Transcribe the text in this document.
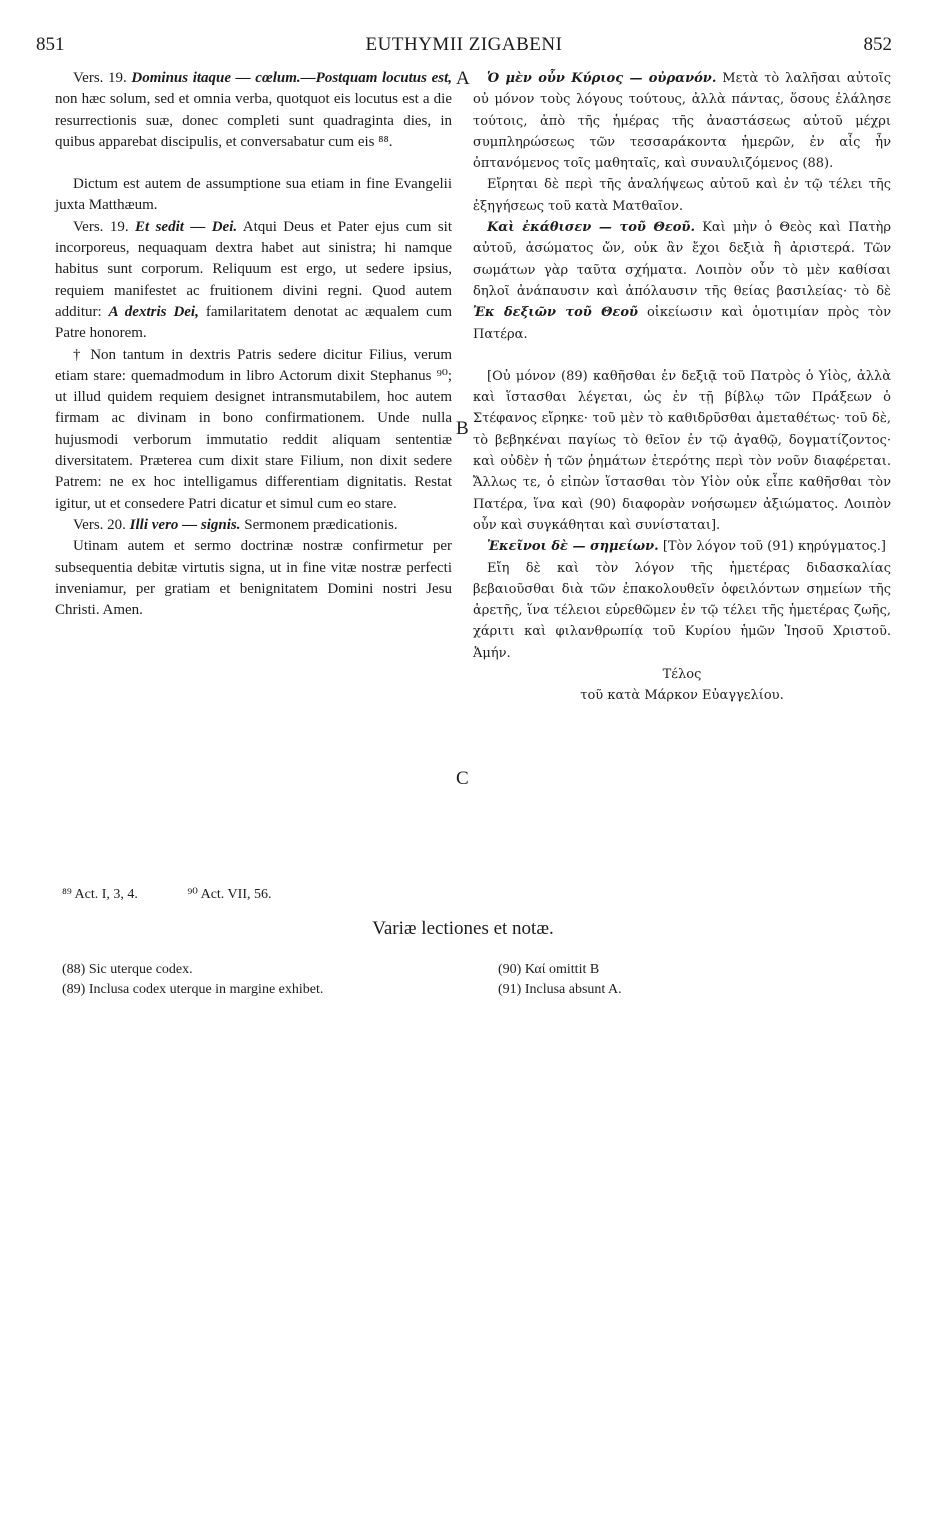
851	EUTHYMII ZIGABENI	852
A
B
C

Vers. 19. Dominus itaque — cœlum.—Postquam locutus est, non hæc solum, sed et omnia verba, quotquot eis locutus est a die resurrectionis suæ, donec completi sunt quadraginta dies, in quibus apparebat discipulis, et conversabatur cum eis ⁸⁸.

Dictum est autem de assumptione sua etiam in fine Evangelii juxta Matthæum.

Vers. 19. Et sedit — Dei. Atqui Deus et Pater ejus cum sit incorporeus, nequaquam dextra habet aut sinistra; hi namque habitus sunt corporum. Reliquum est ergo, ut sedere ipsius, requiem manifestet ac fruitionem divini regni. Quod autem additur: A dextris Dei, familaritatem denotat ac æqualem cum Patre honorem.

† Non tantum in dextris Patris sedere dicitur Filius, verum etiam stare: quemadmodum in libro Actorum dixit Stephanus ⁹⁰; ut illud quidem requiem designet intransmutabilem, hoc autem firmam ac divinam in bono confirmationem. Unde nulla hujusmodi verborum immutatio reddit aliquam sententiæ diversitatem. Præterea cum dixit stare Filium, non dixit sedere Patrem: ne ex hoc intelligamus differentiam dignitatis. Restat igitur, ut et consedere Patri dicatur et simul cum eo stare.

Vers. 20. Illi vero — signis. Sermonem prædicationis.

Utinam autem et sermo doctrinæ nostræ confirmetur per subsequentia debitæ virtutis signa, ut in fine vitæ nostræ perfecti inveniamur, per gratiam et benignitatem Domini nostri Jesu Christi. Amen.

Ὁ μὲν οὖν Κύριος — οὐρανόν. Μετὰ τὸ λαλῆσαι αὐτοῖς οὐ μόνον τοὺς λόγους τούτους, ἀλλὰ πάντας, ὅσους ἐλάλησε τούτοις, ἀπὸ τῆς ἡμέρας τῆς ἀναστάσεως αὐτοῦ μέχρι συμπληρώσεως τῶν τεσσαράκοντα ἡμερῶν, ἐν αἷς ἦν ὀπτανόμενος τοῖς μαθηταῖς, καὶ συναυλιζόμενος (88).

Εἴρηται δὲ περὶ τῆς ἀναλήψεως αὐτοῦ καὶ ἐν τῷ τέλει τῆς ἐξηγήσεως τοῦ κατὰ Ματθαῖον.

Καὶ ἐκάθισεν — τοῦ Θεοῦ. Καὶ μὴν ὁ Θεὸς καὶ Πατὴρ αὐτοῦ, ἀσώματος ὤν, οὐκ ἂν ἔχοι δεξιὰ ἢ ἀριστερά. Τῶν σωμάτων γὰρ ταῦτα σχήματα. Λοιπὸν οὖν τὸ μὲν καθίσαι δηλοῖ ἀνάπαυσιν καὶ ἀπόλαυσιν τῆς θείας βασιλείας· τὸ δὲ Ἐκ δεξιῶν τοῦ Θεοῦ οἰκείωσιν καὶ ὁμοτιμίαν πρὸς τὸν Πατέρα.

[Οὐ μόνον (89) καθῆσθαι ἐν δεξιᾷ τοῦ Πατρὸς ὁ Υἱὸς, ἀλλὰ καὶ ἵστασθαι λέγεται, ὡς ἐν τῇ βίβλῳ τῶν Πράξεων ὁ Στέφανος εἴρηκε· τοῦ μὲν τὸ καθιδρῦσθαι ἀμεταθέτως· τοῦ δὲ, τὸ βεβηκέναι παγίως τὸ θεῖον ἐν τῷ ἀγαθῷ, δογματίζοντος· καὶ οὐδὲν ἡ τῶν ῥημάτων ἑτερότης περὶ τὸν νοῦν διαφέρεται. Ἄλλως τε, ὁ εἰπὼν ἵστασθαι τὸν Υἱὸν οὐκ εἶπε καθῆσθαι τὸν Πατέρα, ἵνα καὶ (90) διαφορὰν νοήσωμεν ἀξιώματος. Λοιπὸν οὖν καὶ συγκάθηται καὶ συνίσταται].

Ἐκεῖνοι δὲ — σημείων. [Τὸν λόγον τοῦ (91) κηρύγματος.]

Εἴη δὲ καὶ τὸν λόγον τῆς ἡμετέρας διδασκαλίας βεβαιοῦσθαι διὰ τῶν ἐπακολουθεῖν ὀφειλόντων σημείων τῆς ἀρετῆς, ἵνα τέλειοι εὑρεθῶμεν ἐν τῷ τέλει τῆς ἡμετέρας ζωῆς, χάριτι καὶ φιλανθρωπίᾳ τοῦ Κυρίου ἡμῶν Ἰησοῦ Χριστοῦ. Ἀμήν.

Τέλος

τοῦ κατὰ Μάρκον Εὐαγγελίου.

⁸⁹ Act. I, 3, 4.	⁹⁰ Act. VII, 56.
Variæ lectiones et notæ.
(88) Sic uterque codex.
(89) Inclusa codex uterque in margine exhibet.
(90) Καί omittit B
(91) Inclusa absunt A.
